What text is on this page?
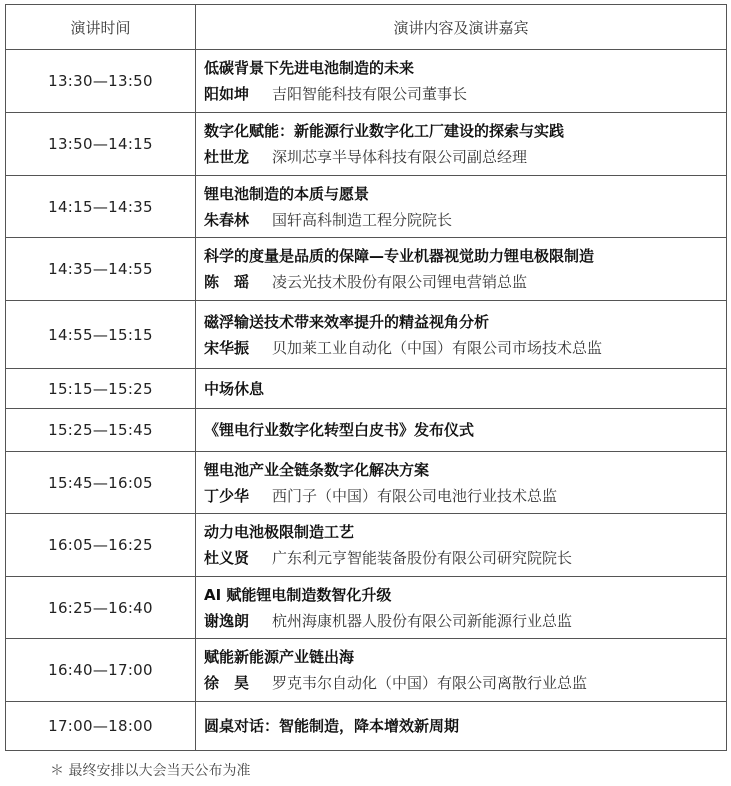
演讲时间	演讲内容及演讲嘉宾
13:30—13:50	低碳背景下先进电池制造的未来
阳如坤 吉阳智能科技有限公司董事长

13:50—14:15	数字化赋能：新能源行业数字化工厂建设的探索与实践
杜世龙 深圳芯享半导体科技有限公司副总经理

14:15—14:35	锂电池制造的本质与愿景
朱春林 国轩高科制造工程分院院长

14:35—14:55	科学的度量是品质的保障—专业机器视觉助力锂电极限制造
陈　瑶 凌云光技术股份有限公司锂电营销总监

14:55—15:15	磁浮输送技术带来效率提升的精益视角分析
宋华振 贝加莱工业自动化（中国）有限公司市场技术总监

15:15—15:25	中场休息

15:25—15:45	《锂电行业数字化转型白皮书》发布仪式

15:45—16:05	锂电池产业全链条数字化解决方案
丁少华 西门子（中国）有限公司电池行业技术总监

16:05—16:25	动力电池极限制造工艺
杜义贤 广东利元亨智能装备股份有限公司研究院院长

16:25—16:40	AI 赋能锂电制造数智化升级
谢逸朗 杭州海康机器人股份有限公司新能源行业总监

16:40—17:00	赋能新能源产业链出海
徐　昊 罗克韦尔自动化（中国）有限公司离散行业总监

17:00—18:00	圆桌对话：智能制造，降本增效新周期
＊ 最终安排以大会当天公布为准
